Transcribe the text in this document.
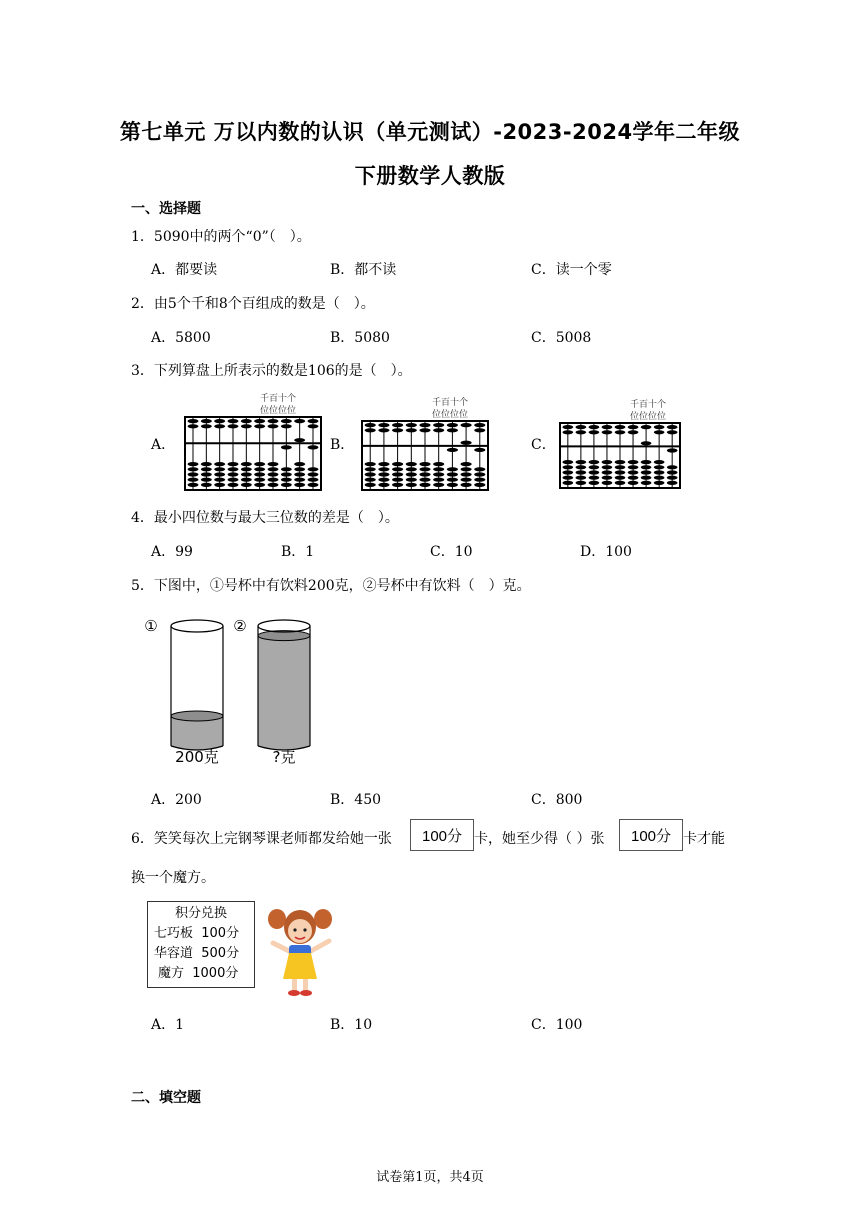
第七单元 万以内数的认识（单元测试）-2023-2024学年二年级
下册数学人教版
一、选择题
1．5090中的两个“0”（　）。
A．都要读	B．都不读	C．读一个零
2．由5个千和8个百组成的数是（　）。
A．5800	B．5080	C．5008
3．下列算盘上所表示的数是106的是（　）。
A．	B．	C．
千百十个
位位位位
千百十个
位位位位
千百十个
位位位位
4．最小四位数与最大三位数的差是（　）。
A．99	B．1	C．10	D．100
5．下图中，①号杯中有饮料200克，②号杯中有饮料（　）克。
①	②
200克	?克
A．200	B．450	C．800
6．笑笑每次上完钢琴课老师都发给她一张	100分 卡，她至少得（ ）张	100分 卡才能
换一个魔方。
积分兑换
七巧板  100分
华容道  500分
魔方  1000分
A．1	B．10	C．100
二、填空题
试卷第1页，共4页
